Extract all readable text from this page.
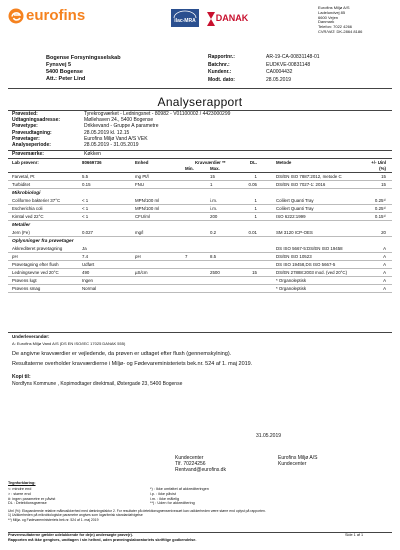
eurofins	ilac-MRA DANAK
Eurofins Miljø A/S
Ladelundvej 85
6600 Vejen
Danmark
Telefon: 7022 4266
CVR/VAT: DK-2864 8186
Bogense Forsyningsselskab
Fynsvej 5
5400 Bogense
Att.: Peter Lind
Rapportnr.:	AR-19-CA-00831148-01
Batchnr.:	EUDKVE-00831148
Kundenr.:	CA0004432
Modt. dato:	28.05.2019
Analyserapport
Prøvested:	Tyrekrogværket - Ledningsnet - 80982 - V01100002 / 4423000299
Udtagningsadresse:	Møllehaven 24., 5400 Bogense
Prøvetype:	Drikkevand - Gruppe A parametre
Prøveudtagning:	28.05.2019 kl. 12.15
Prøvetager:	Eurofins Miljø Vand A/S VEK
Analyseperiode:	28.05.2019 - 31.05.2019
Prøvemærke:	Køkken
Lab prøvenr:	80669736	Enhed	Kravværdier **	DL.	Metode	+/- Uinl
Min.	Max.	(%)
Farvetal, Pt	5.5	mg Pt/l	15	1	DS/EN ISO 7887:2012, metode C	15
Turbiditet	0.15	FNU	1	0.05	DS/EN ISO 7027-1: 2016	15
Mikrobiologi
Coliforme bakterier 37°C	< 1	MPN/100 ml	i.m.	1	Colilert Quanti Tray	0.25¹⁾
Escherichia coli	< 1	MPN/100 ml	i.m.	1	Colilert Quanti Tray	0.25¹⁾
Kimtal ved 22°C	< 1	CFU/ml	200	1	ISO 6222:1999	0.15¹⁾
Metaller
Jern (Fe)	0.027	mg/l	0.2	0.01	SM 3120 ICP-OES	20
Oplysninger fra prøvetager
Akkrediteret prøvetagning	Ja	DS ISO 5667-5:DS/EN ISO 19458	A
pH	7.4	pH	7	8.5	DS/EN ISO 10523	A
Prøvetagning efter flush	Udført	DS ISO 19458,DS ISO 5667-5	A
Ledningsevne ved 20°C	490	µS/cm	2500	15	DS/EN 27888:2003 mod. (ved 20°C)	A
Prøvens lugt	Ingen	* Organoleptisk	A
Prøvens smag	Normal	* Organoleptisk	A
Underleverandør:
A: Eurofins Miljø Vand A/S (DS EN ISO/IEC 17025 DANAK 555)
De angivne kravværdier er vejledende, da prøven er udtaget efter flush (gennemskylning).
Resultaterne overholder kravværdierne i Miljø- og Fødevareministeriets bek.nr. 524 af 1. maj 2019.
Kopi til:
Nordfyns Kommune , Kopimodtager direktmail, Østergade 23, 5400 Bogense
31.05.2019
Kundecenter
Tlf. 70224256
Rentvand@eurofins.dk
Eurofins Miljø A/S
Kundecenter
Tegnforklaring:
<: mindre end
> : større end
#: ingen parametre er påvist
DL : Detektionsgrænse
*) : Ikke omfattet af akkrediteringen
i.p. : ikke påvist
i.m. : ikke målelig
**) : Uden for akkreditering
Uinl (%): Ekspanderede relative måleusikkerhed med dækningsfaktor 2. For resultater på detektionsgrænseniveauet kan usikkerheden være større end oplyst på rapporten.
1) Usikkerheden på mikrobiologiske parametre angives som logaritmisk standardafvigelse
**) Miljø- og Fødevareministeriets bek.nr. 524 af 1. maj 2019
Prøveresultaterne gælder udelukkende for de(n) undersøgte prøve(r).
Rapporten må ikke gengives, undtagen i sin helhed, uden prøvningslaboratoriets skriftlige godkendelse.
Side 1 af 1
